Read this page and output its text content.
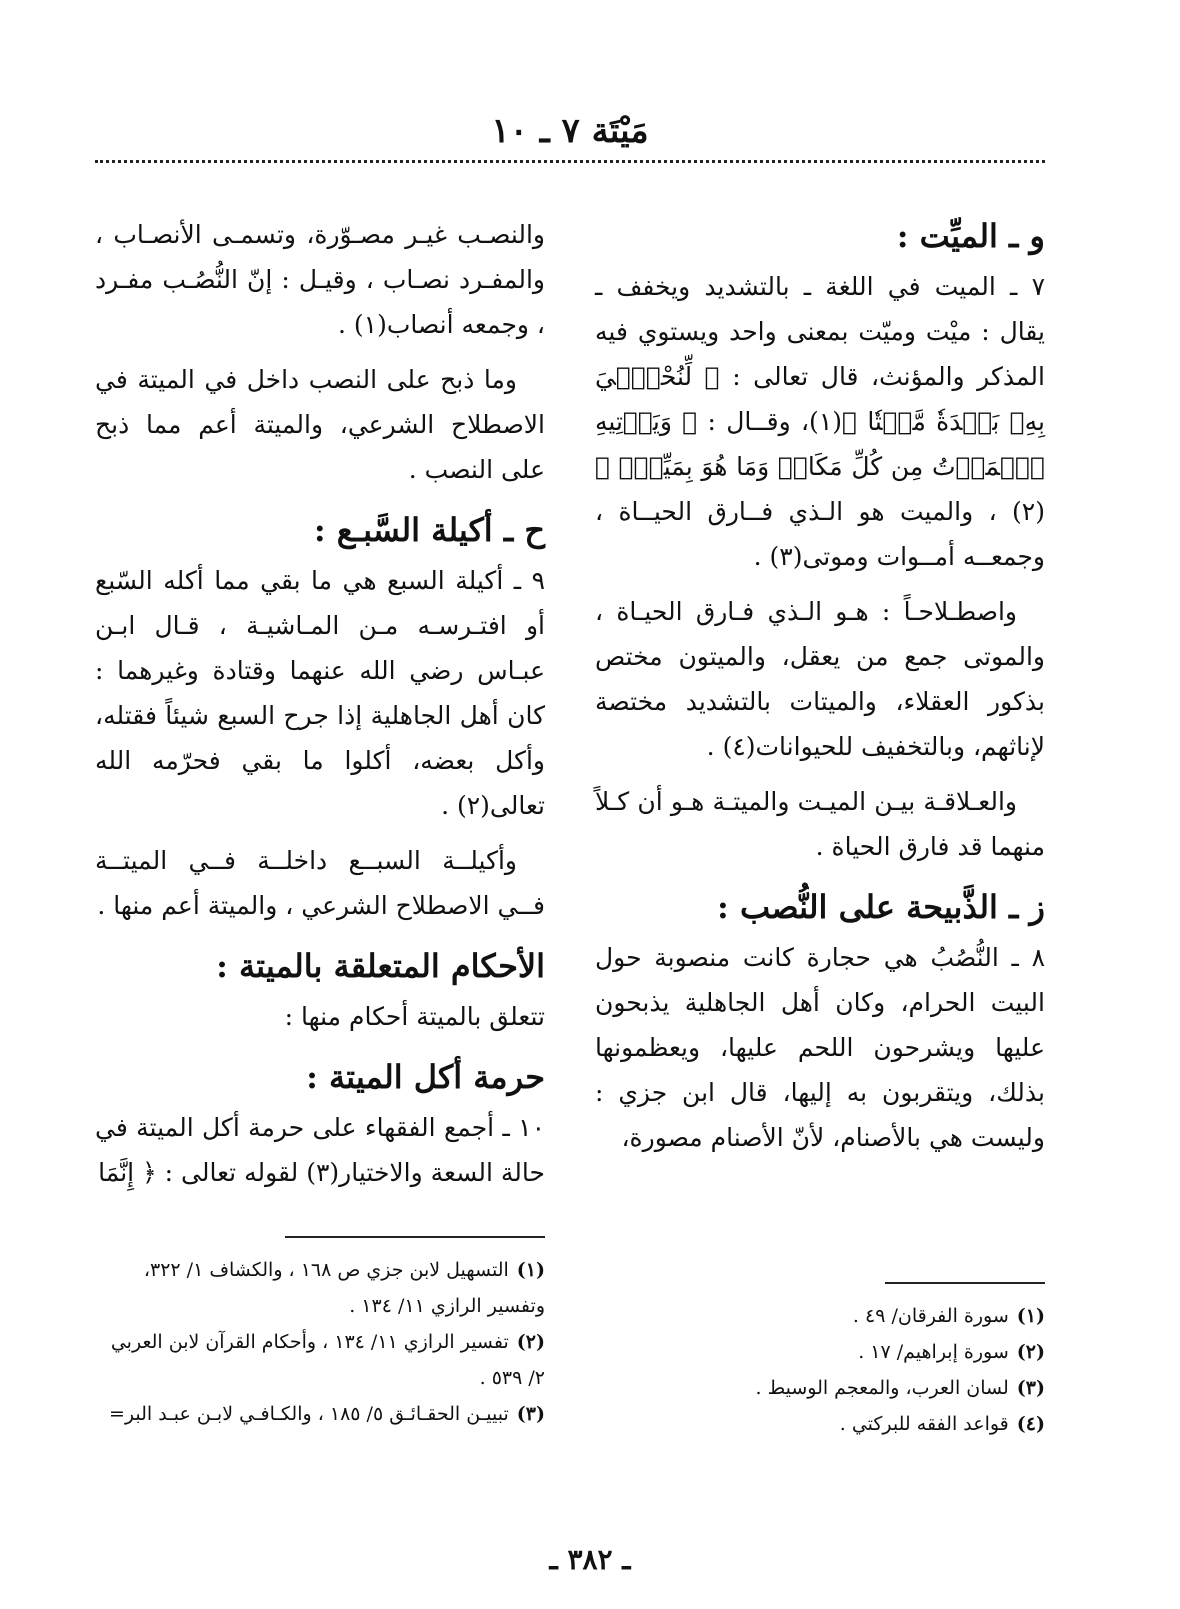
مَيْتَة ٧ ـ ١٠
و ـ الميِّت :

٧ ـ الميت في اللغة ـ بالتشديد ويخفف ـ يقال : ميْت وميّت بمعنى واحد ويستوي فيه المذكر والمؤنث، قال تعالى : ﴿ لِّنُحْـِۧيَ بِهِۦ بَلۡدَةٗ مَّيۡتٗا ﴾(١)، وقــال : ﴿ وَيَأۡتِيهِ ٱلۡمَوۡتُ مِن كُلِّ مَكَانٖ وَمَا هُوَ بِمَيِّتٖۖ ﴾(٢) ، والميت هو الـذي فــارق الحيــاة ، وجمعــه أمــوات وموتى(٣) .

واصطـلاحـاً : هـو الـذي فـارق الحيـاة ، والموتى جمع من يعقل، والميتون مختص بذكور العقلاء، والميتات بالتشديد مختصة لإناثهم، وبالتخفيف للحيوانات(٤) .

والعـلاقـة بيـن الميـت والميتـة هـو أن كـلاً منهما قد فارق الحياة .

ز ـ الذَّبيحة على النُّصب :

٨ ـ النُّصُبُ هي حجارة كانت منصوبة حول البيت الحرام، وكان أهل الجاهلية يذبحون عليها ويشرحون اللحم عليها، ويعظمونها بذلك، ويتقربون به إليها، قال ابن جزي : وليست هي بالأصنام، لأنّ الأصنام مصورة،

والنصـب غيـر مصـوّرة، وتسمـى الأنصـاب ، والمفـرد نصـاب ، وقيـل : إنّ النُّصُـب مفـرد ، وجمعه أنصاب(١) .

وما ذبح على النصب داخل في الميتة في الاصطلاح الشرعي، والميتة أعم مما ذبح على النصب .

ح ـ أكيلة السَّبـع :

٩ ـ أكيلة السبع هي ما بقي مما أكله السّبع أو افتـرسـه مـن المـاشيـة ، قـال ابـن عبـاس رضي الله عنهما وقتادة وغيرهما : كان أهل الجاهلية إذا جرح السبع شيئاً فقتله، وأكل بعضه، أكلوا ما بقي فحرّمه الله تعالى(٢) .

وأكيلــة السبــع داخلــة فــي الميتــة فــي الاصطلاح الشرعي ، والميتة أعم منها .

الأحكام المتعلقة بالميتة :

تتعلق بالميتة أحكام منها :

حرمة أكل الميتة :

١٠ ـ أجمع الفقهاء على حرمة أكل الميتة في حالة السعة والاختيار(٣) لقوله تعالى : ﴿ إِنَّمَا

(١)سورة الفرقان/ ٤٩ .
(٢)سورة إبراهيم/ ١٧ .
(٣)لسان العرب، والمعجم الوسيط .
(٤)قواعد الفقه للبركتي .
(١)التسهيل لابن جزي ص ١٦٨ ، والكشاف ١/ ٣٢٢، وتفسير الرازي ١١/ ١٣٤ .
(٢)تفسير الرازي ١١/ ١٣٤ ، وأحكام القرآن لابن العربي ٢/ ٥٣٩ .
(٣)تبييـن الحقـائـق ٥/ ١٨٥ ، والكـافـي لابـن عبـد البر=
ـ ٣٨٢ ـ
